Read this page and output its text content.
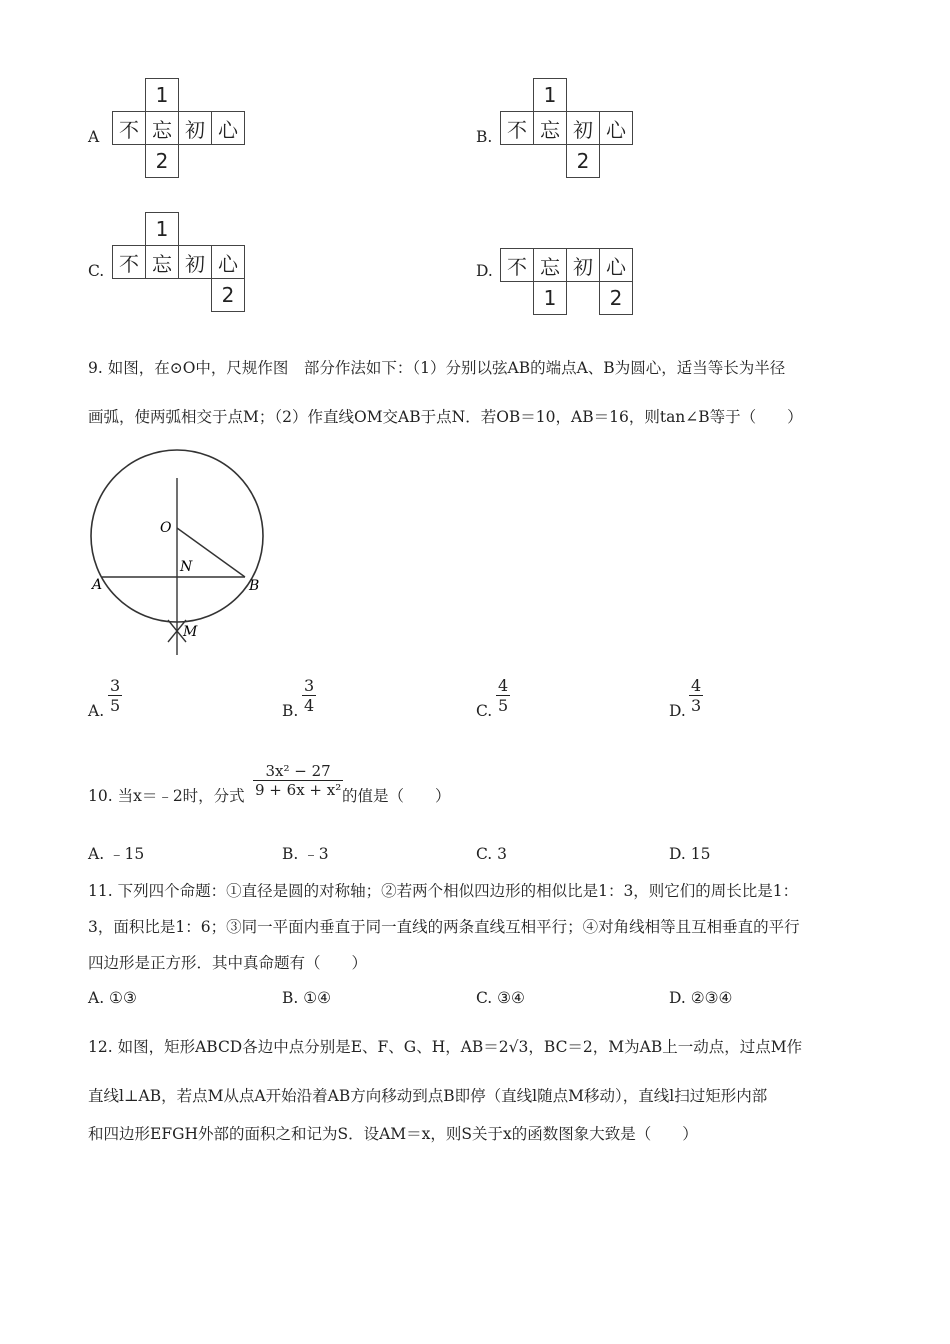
A
1
不 忘 初 心
2
B.
1
不 忘 初 心
2
C.
1
不 忘 初 心
2
D. 不 忘 初 心
1	2
9. 如图，在⊙O中，尺规作图　部分作法如下：（1）分别以弦AB的端点A、B为圆心，适当等长为半径
画弧，使两弧相交于点M；（2）作直线OM交AB于点N．若OB＝10，AB＝16，则tan∠B等于（　　）
O
N
A	B
M
A. $\frac{3}{5}$	B. $\frac{3}{4}$	C. $\frac{4}{5}$	D. $\frac{4}{3}$
10. 当x＝﹣2时，分式 $\frac{\text{3x² − 27}}{\text{9 + 6x + x²}}$
的值是（　　）
A. ﹣15	B. ﹣3	C. 3	D. 15
11. 下列四个命题：①直径是圆的对称轴；②若两个相似四边形的相似比是1：3，则它们的周长比是1：
3，面积比是1：6；③同一平面内垂直于同一直线的两条直线互相平行；④对角线相等且互相垂直的平行
四边形是正方形．其中真命题有（　　）
A. ①③	B. ①④	C. ③④	D. ②③④
12. 如图，矩形ABCD各边中点分别是E、F、G、H，AB＝2√3，BC＝2，M为AB上一动点，过点M作
直线l⊥AB，若点M从点A开始沿着AB方向移动到点B即停（直线l随点M移动），直线l扫过矩形内部
和四边形EFGH外部的面积之和记为S．设AM＝x，则S关于x的函数图象大致是（　　）
